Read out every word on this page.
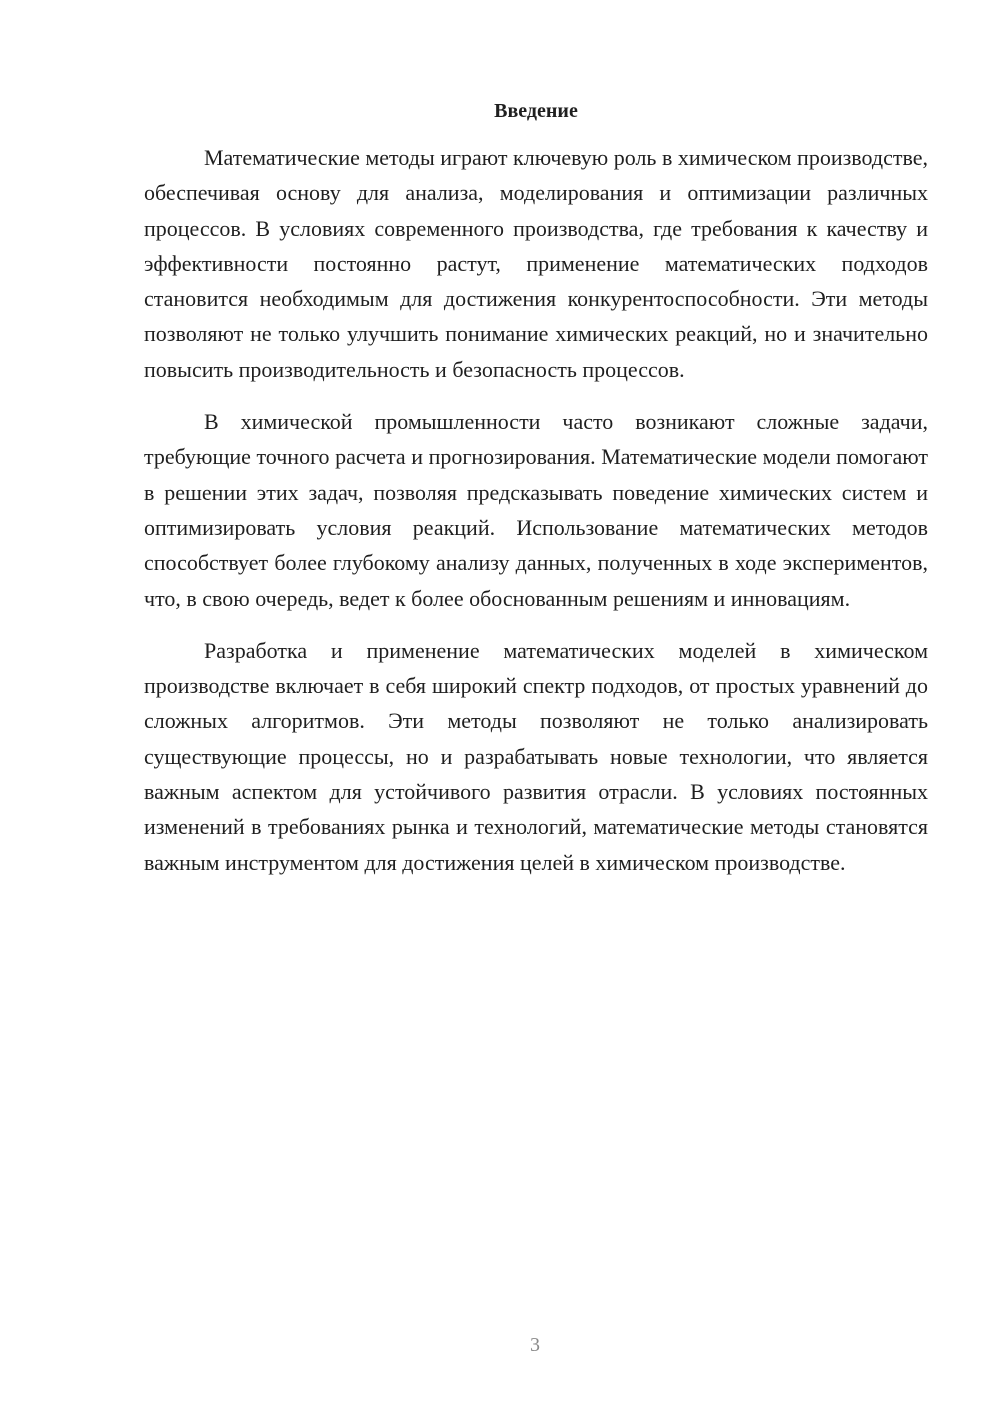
Введение

Математические методы играют ключевую роль в химическом производстве, обеспечивая основу для анализа, моделирования и оптимизации различных процессов. В условиях современного производства, где требования к качеству и эффективности постоянно растут, применение математических подходов становится необходимым для достижения конкурентоспособности. Эти методы позволяют не только улучшить понимание химических реакций, но и значительно повысить производительность и безопасность процессов.

В химической промышленности часто возникают сложные задачи, требующие точного расчета и прогнозирования. Математические модели помогают в решении этих задач, позволяя предсказывать поведение химических систем и оптимизировать условия реакций. Использование математических методов способствует более глубокому анализу данных, полученных в ходе экспериментов, что, в свою очередь, ведет к более обоснованным решениям и инновациям.

Разработка и применение математических моделей в химическом производстве включает в себя широкий спектр подходов, от простых уравнений до сложных алгоритмов. Эти методы позволяют не только анализировать существующие процессы, но и разрабатывать новые технологии, что является важным аспектом для устойчивого развития отрасли. В условиях постоянных изменений в требованиях рынка и технологий, математические методы становятся важным инструментом для достижения целей в химическом производстве.

3
